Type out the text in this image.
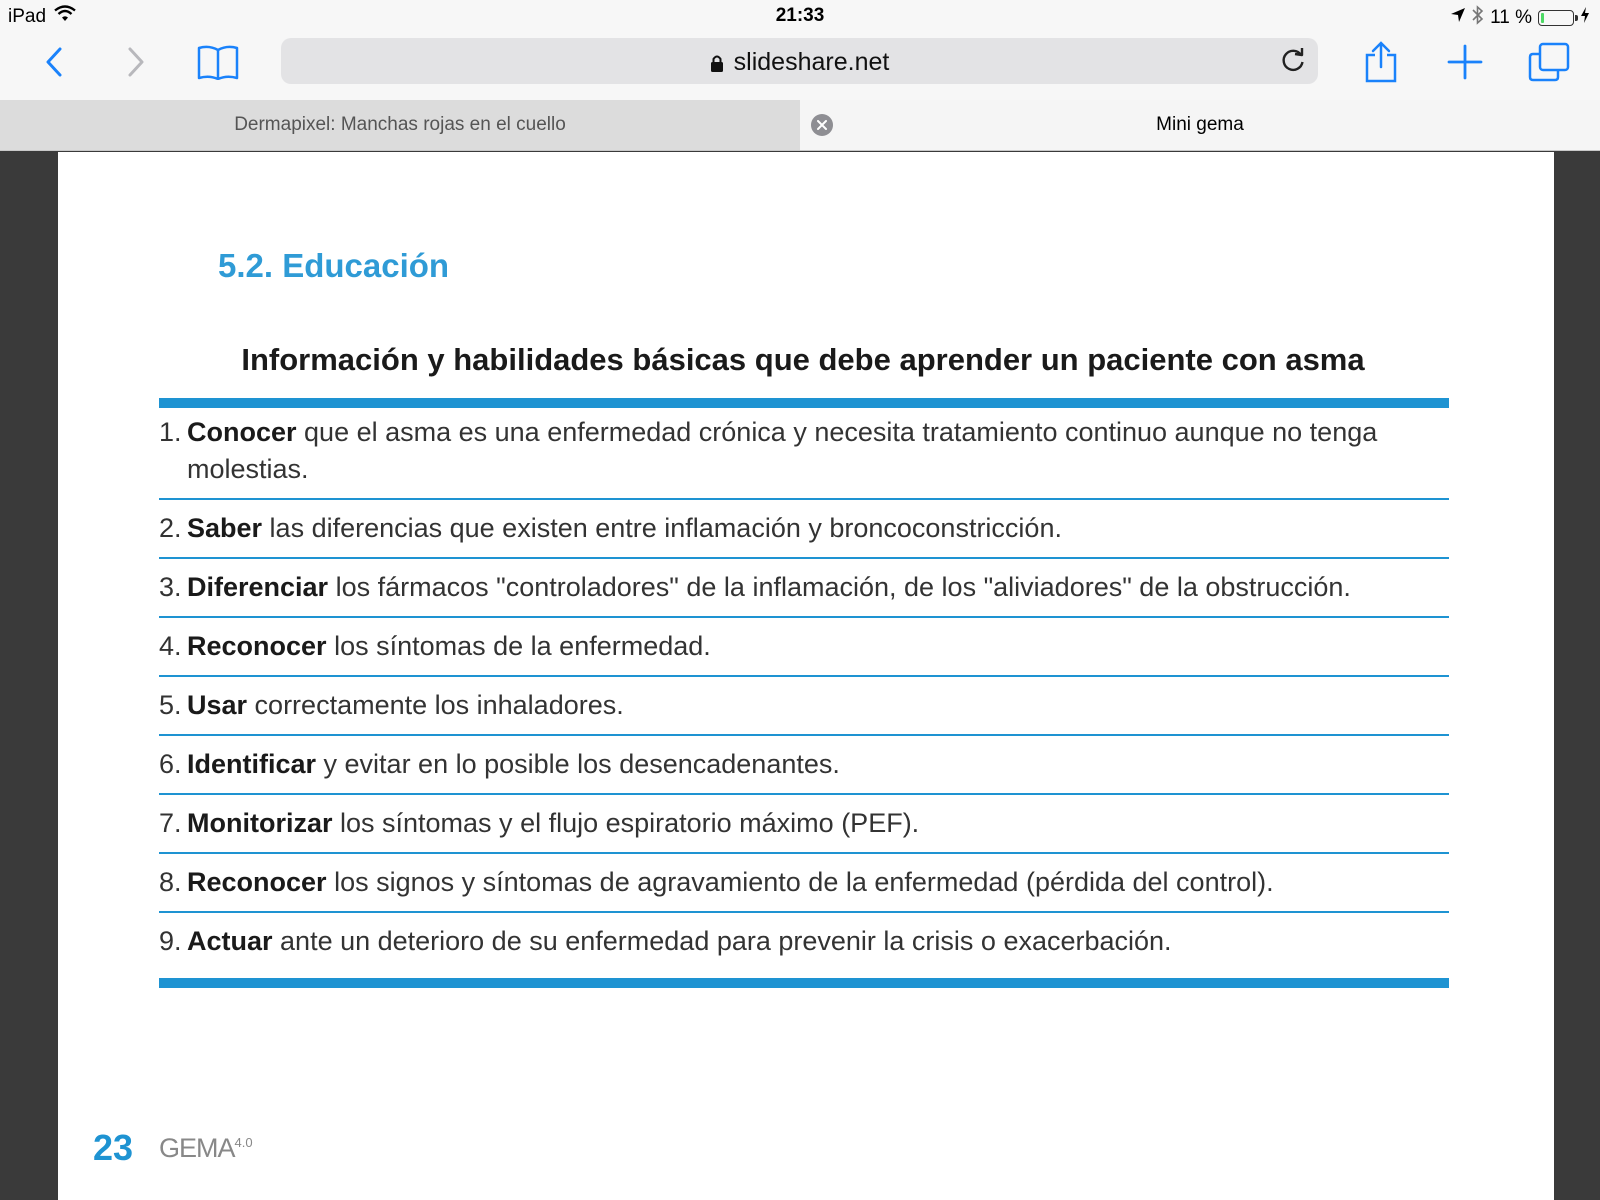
iPad	21:33	11 %
slideshare.net
Dermapixel: Manchas rojas en el cuello	Mini gema
5.2. Educación
Información y habilidades básicas que debe aprender un paciente con asma
1. Conocer que el asma es una enfermedad crónica y necesita tratamiento continuo aunque no tenga molestias.
2. Saber las diferencias que existen entre inflamación y broncoconstricción.
3. Diferenciar los fármacos "controladores" de la inflamación, de los "aliviadores" de la obstrucción.
4. Reconocer los síntomas de la enfermedad.
5. Usar correctamente los inhaladores.
6. Identificar y evitar en lo posible los desencadenantes.
7. Monitorizar los síntomas y el flujo espiratorio máximo (PEF).
8. Reconocer los signos y síntomas de agravamiento de la enfermedad (pérdida del control).
9. Actuar ante un deterioro de su enfermedad para prevenir la crisis o exacerbación.
23 $GEMA^{4.0}$
